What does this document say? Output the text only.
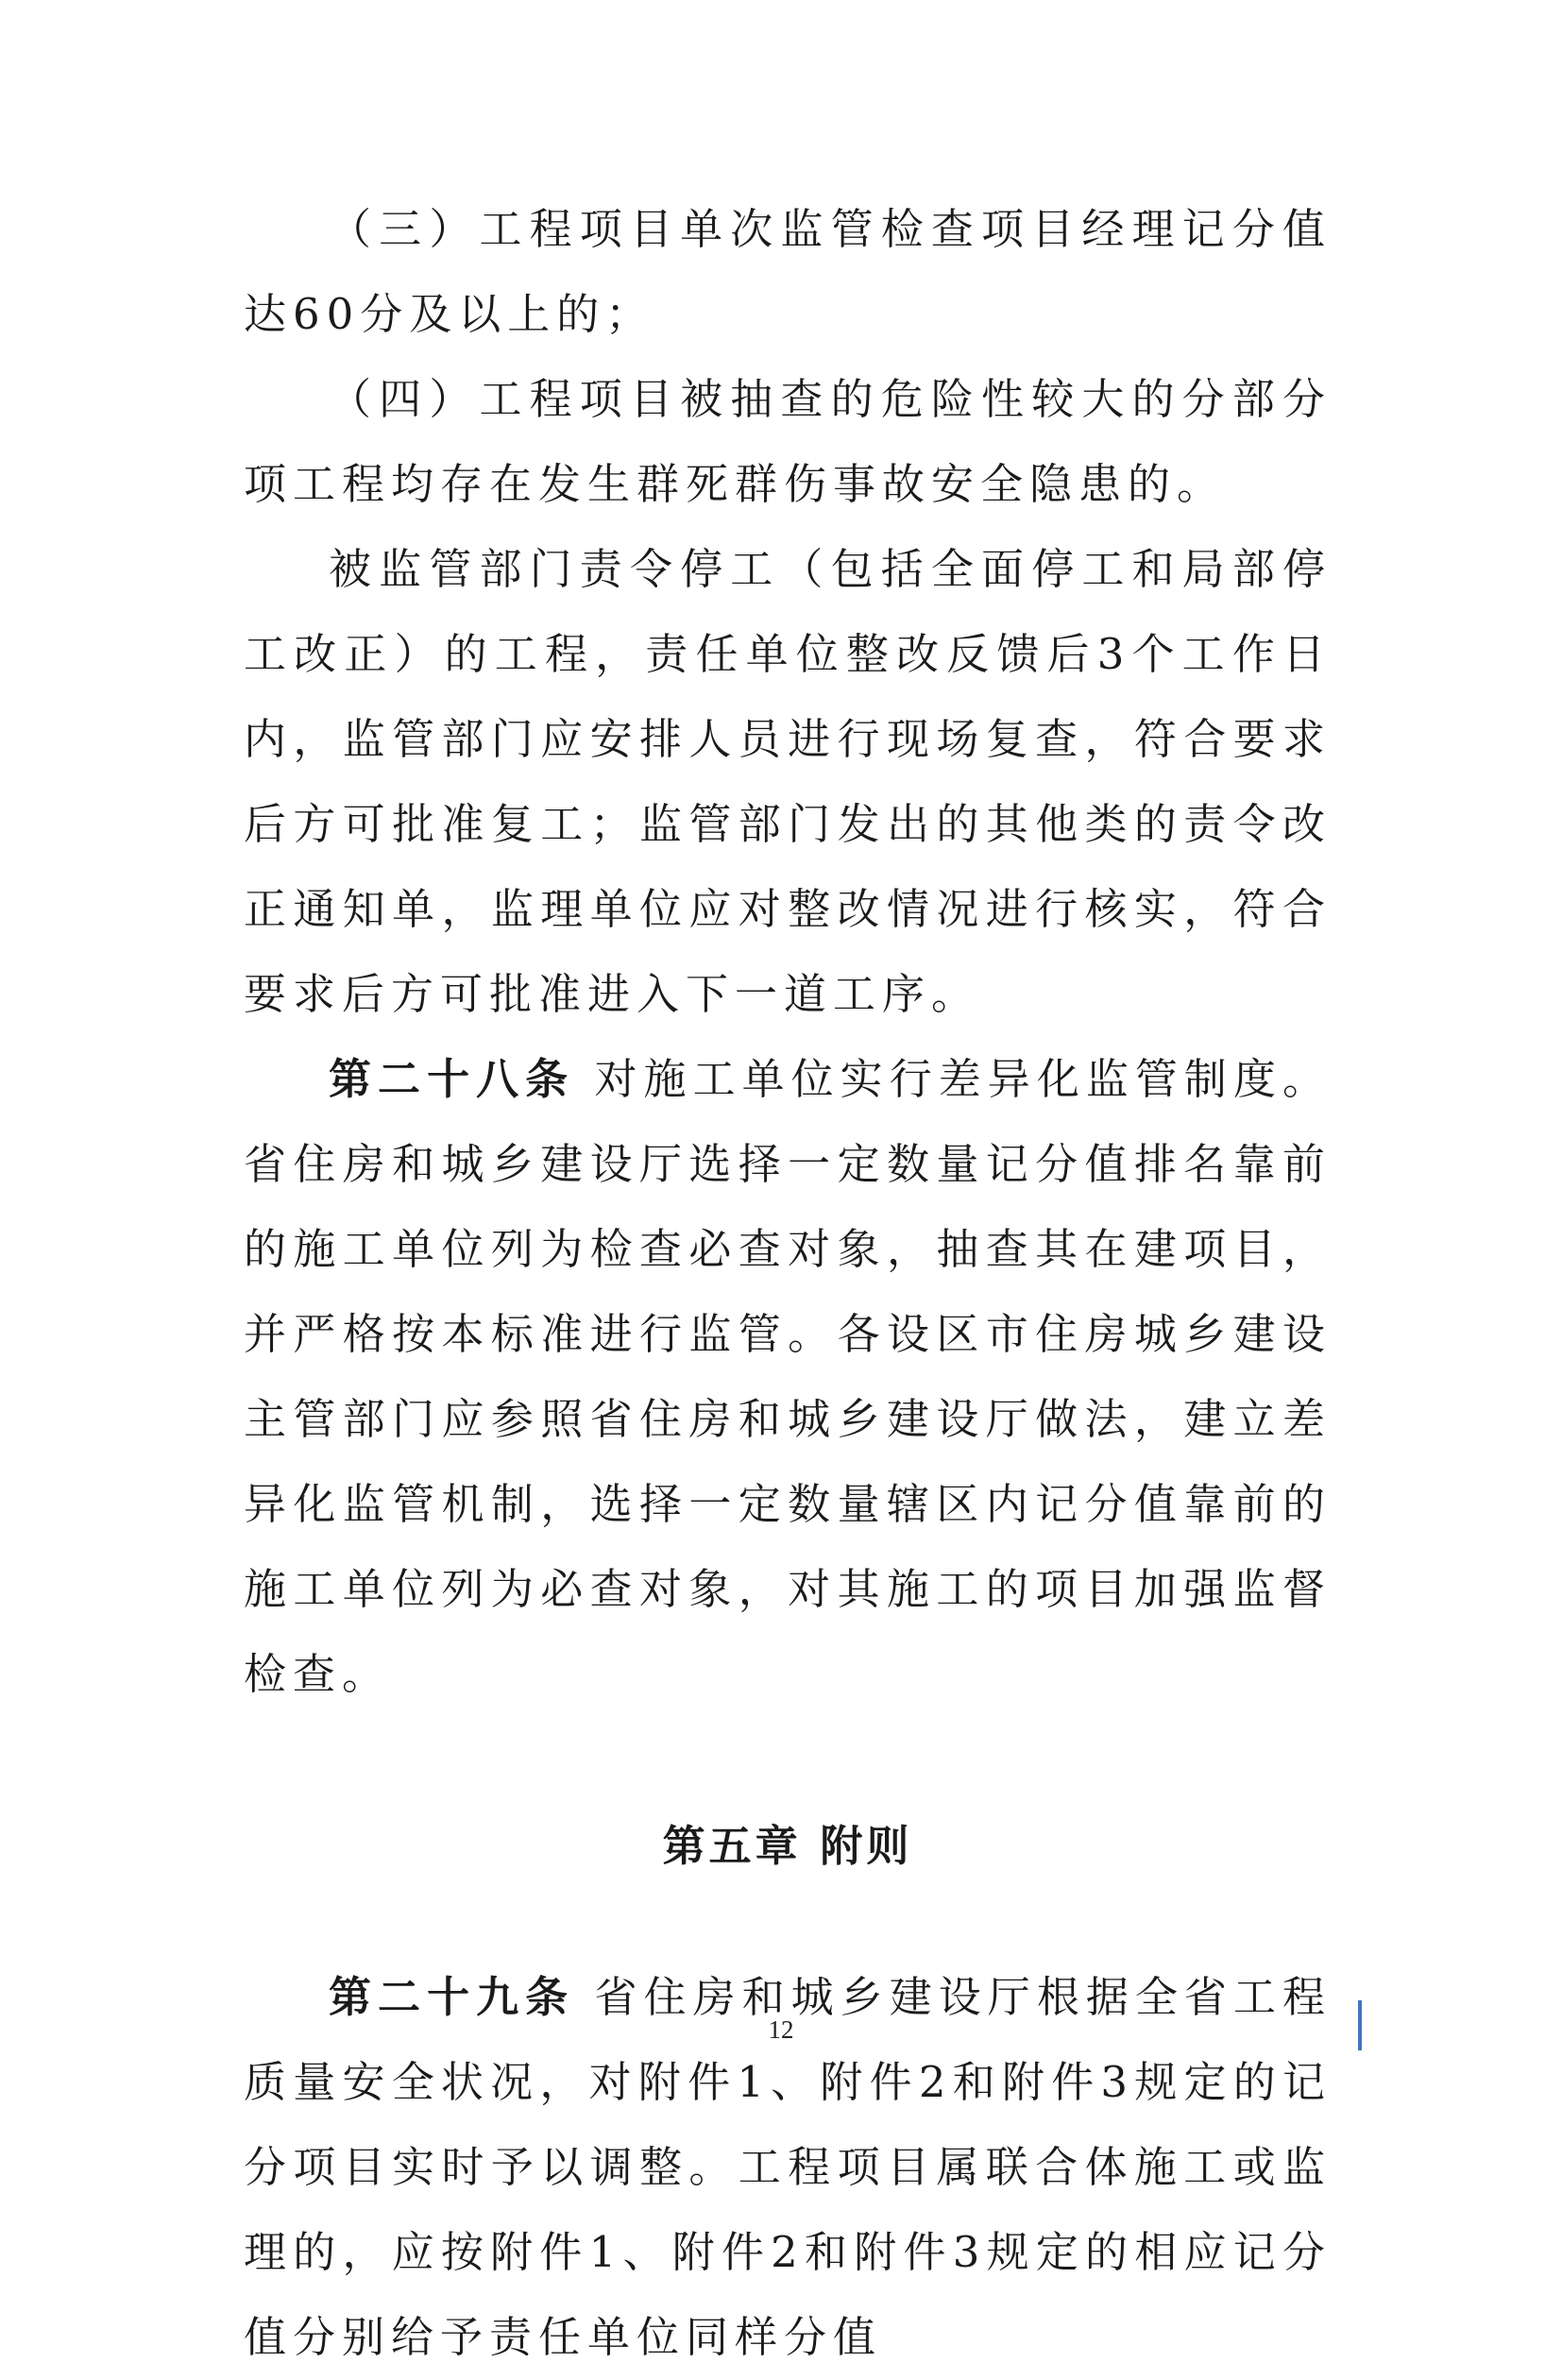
（三）工程项目单次监管检查项目经理记分值达60分及以上的；

（四）工程项目被抽查的危险性较大的分部分项工程均存在发生群死群伤事故安全隐患的。

被监管部门责令停工（包括全面停工和局部停工改正）的工程，责任单位整改反馈后3个工作日内，监管部门应安排人员进行现场复查，符合要求后方可批准复工；监管部门发出的其他类的责令改正通知单，监理单位应对整改情况进行核实，符合要求后方可批准进入下一道工序。

第二十八条 对施工单位实行差异化监管制度。省住房和城乡建设厅选择一定数量记分值排名靠前的施工单位列为检查必查对象，抽查其在建项目，并严格按本标准进行监管。各设区市住房城乡建设主管部门应参照省住房和城乡建设厅做法，建立差异化监管机制，选择一定数量辖区内记分值靠前的施工单位列为必查对象，对其施工的项目加强监督检查。

第五章 附则

第二十九条 省住房和城乡建设厅根据全省工程质量安全状况，对附件1、附件2和附件3规定的记分项目实时予以调整。工程项目属联合体施工或监理的，应按附件1、附件2和附件3规定的相应记分值分别给予责任单位同样分值

12
